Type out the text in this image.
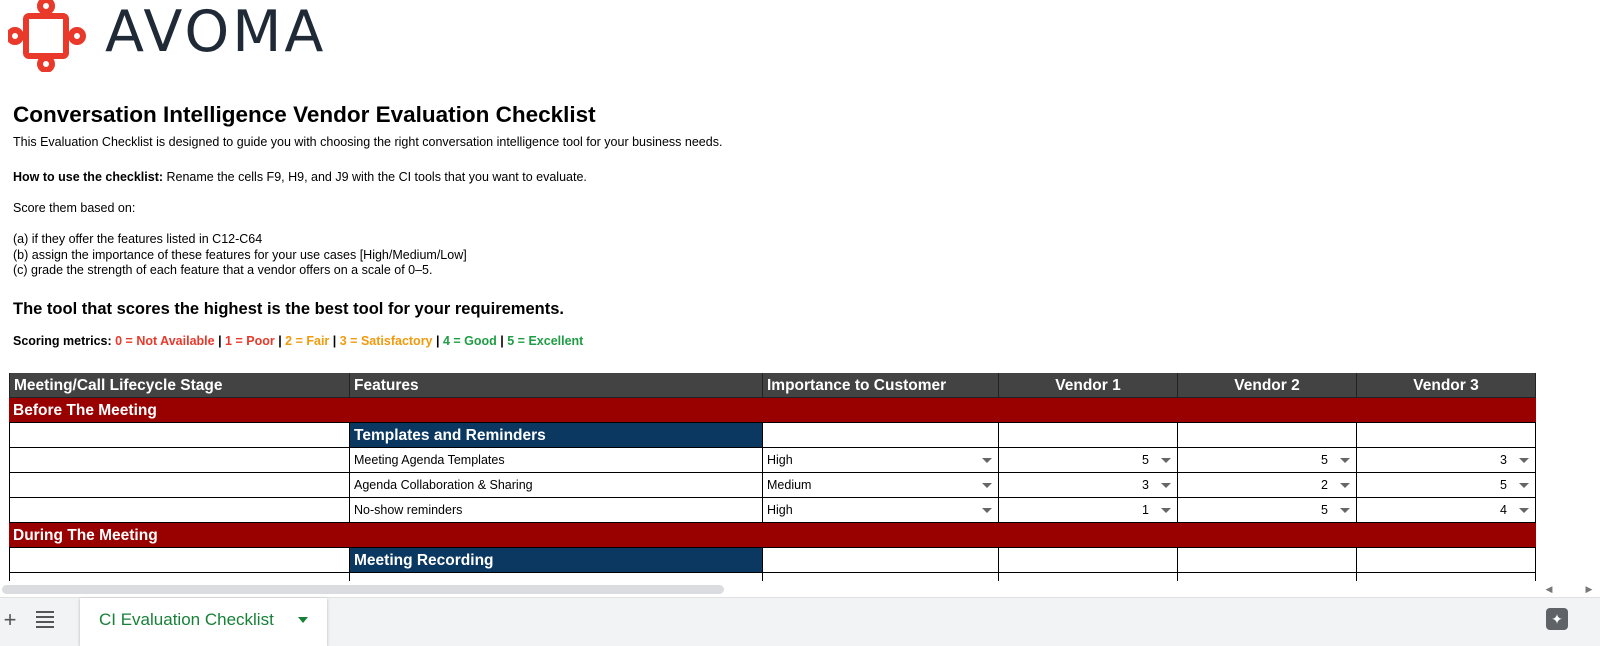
AVOMA
Conversation Intelligence Vendor Evaluation Checklist
This Evaluation Checklist is designed to guide you with choosing the right conversation intelligence tool for your business needs.
How to use the checklist: Rename the cells F9, H9, and J9 with the CI tools that you want to evaluate.
Score them based on:
(a) if they offer the features listed in C12-C64
(b) assign the importance of these features for your use cases [High/Medium/Low]
(c) grade the strength of each feature that a vendor offers on a scale of 0–5.
The tool that scores the highest is the best tool for your requirements.
Scoring metrics: 0 = Not Available | 1 = Poor | 2 = Fair | 3 = Satisfactory | 4 = Good | 5 = Excellent
Meeting/Call Lifecycle Stage	Features	Importance to Customer	Vendor 1	Vendor 2	Vendor 3
Before The Meeting
Templates and Reminders
Meeting Agenda Templates	High	5	5	3
Agenda Collaboration & Sharing	Medium	3	2	5
No-show reminders	High	1	5	4
During The Meeting
Meeting Recording
◀	▶
+	CI Evaluation Checklist	✦
